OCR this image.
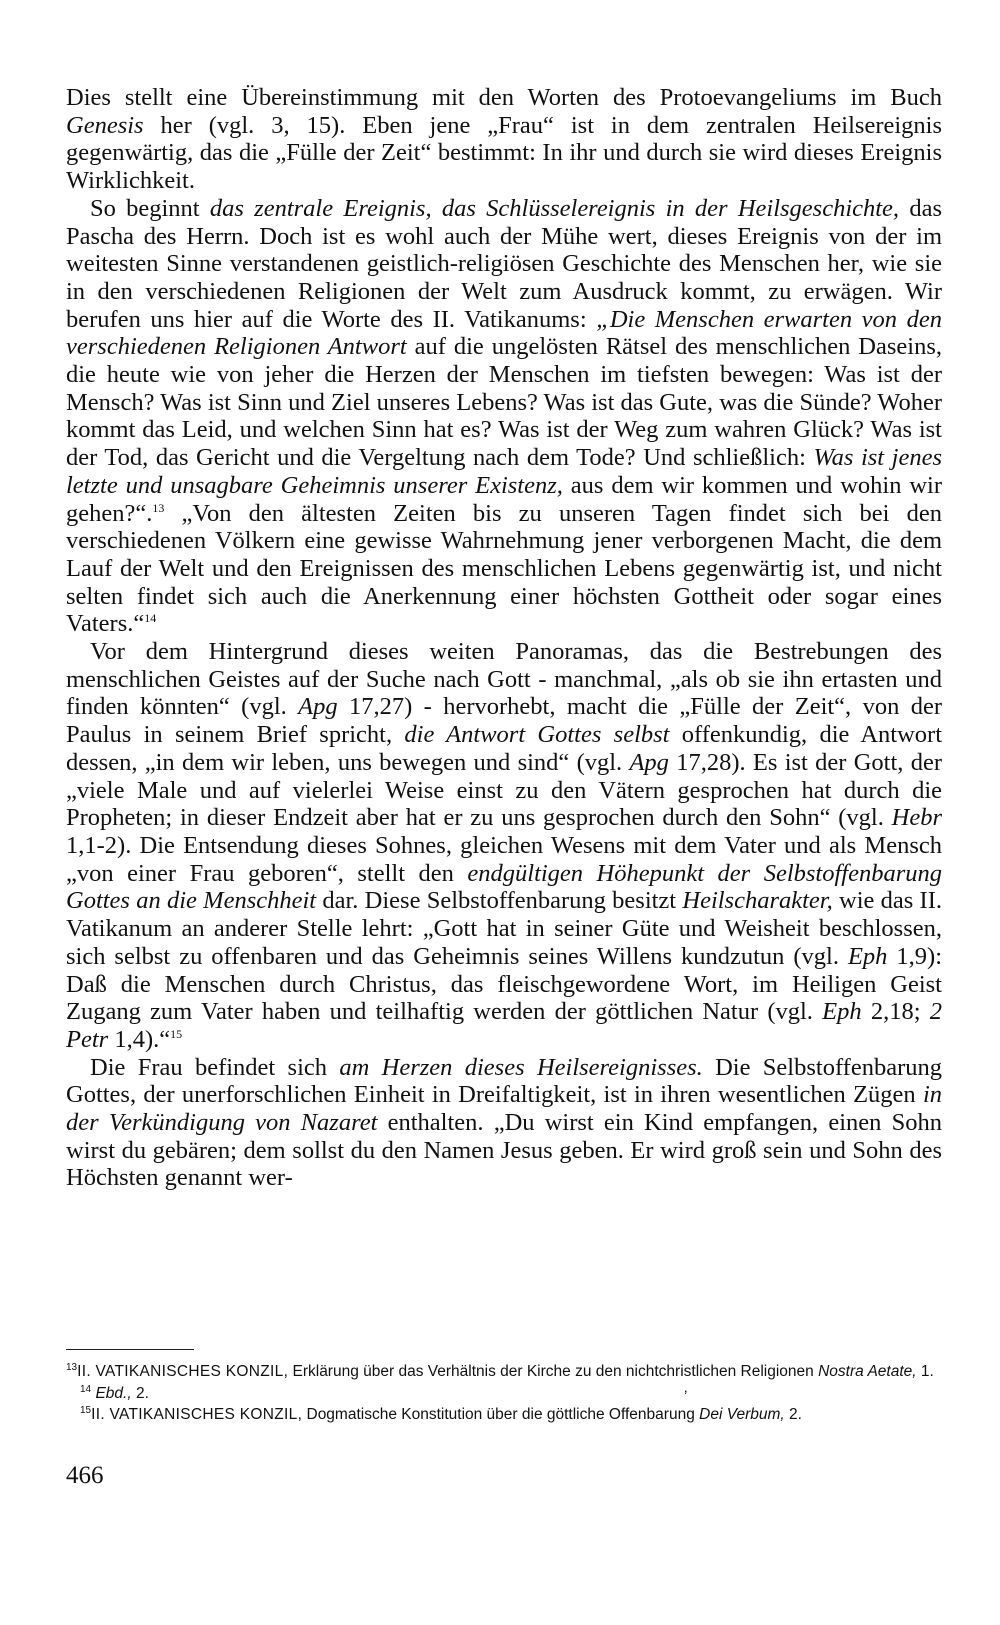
Dies stellt eine Übereinstimmung mit den Worten des Protoevangeliums im Buch Genesis her (vgl. 3, 15). Eben jene „Frau“ ist in dem zentralen Heilsereignis gegenwärtig, das die „Fülle der Zeit“ bestimmt: In ihr und durch sie wird dieses Ereignis Wirklichkeit.

So beginnt das zentrale Ereignis, das Schlüsselereignis in der Heilsgeschichte, das Pascha des Herrn. Doch ist es wohl auch der Mühe wert, dieses Ereignis von der im weitesten Sinne verstandenen geistlich-religiösen Geschichte des Menschen her, wie sie in den verschiedenen Religionen der Welt zum Ausdruck kommt, zu erwägen. Wir berufen uns hier auf die Worte des II. Vatikanums: „Die Menschen erwarten von den verschiedenen Religionen Antwort auf die ungelösten Rätsel des menschlichen Daseins, die heute wie von jeher die Herzen der Menschen im tiefsten bewegen: Was ist der Mensch? Was ist Sinn und Ziel unseres Lebens? Was ist das Gute, was die Sünde? Woher kommt das Leid, und welchen Sinn hat es? Was ist der Weg zum wahren Glück? Was ist der Tod, das Gericht und die Vergeltung nach dem Tode? Und schließlich: Was ist jenes letzte und unsagbare Geheimnis unserer Existenz, aus dem wir kommen und wohin wir gehen?“.$^{13}$ „Von den ältesten Zeiten bis zu unseren Tagen findet sich bei den verschiedenen Völkern eine gewisse Wahrnehmung jener verborgenen Macht, die dem Lauf der Welt und den Ereignissen des menschlichen Lebens gegenwärtig ist, und nicht selten findet sich auch die Anerkennung einer höchsten Gottheit oder sogar eines Vaters.“$^{14}$

Vor dem Hintergrund dieses weiten Panoramas, das die Bestrebungen des menschlichen Geistes auf der Suche nach Gott - manchmal, „als ob sie ihn ertasten und finden könnten“ (vgl. Apg 17,27) - hervorhebt, macht die „Fülle der Zeit“, von der Paulus in seinem Brief spricht, die Antwort Gottes selbst offenkundig, die Antwort dessen, „in dem wir leben, uns bewegen und sind“ (vgl. Apg 17,28). Es ist der Gott, der „viele Male und auf vielerlei Weise einst zu den Vätern gesprochen hat durch die Propheten; in dieser Endzeit aber hat er zu uns gesprochen durch den Sohn“ (vgl. Hebr 1,1-2). Die Entsendung dieses Sohnes, gleichen Wesens mit dem Vater und als Mensch „von einer Frau geboren“, stellt den endgültigen Höhepunkt der Selbstoffenbarung Gottes an die Menschheit dar. Diese Selbstoffenbarung besitzt Heilscharakter, wie das II. Vatikanum an anderer Stelle lehrt: „Gott hat in seiner Güte und Weisheit beschlossen, sich selbst zu offenbaren und das Geheimnis seines Willens kundzutun (vgl. Eph 1,9): Daß die Menschen durch Christus, das fleischgewordene Wort, im Heiligen Geist Zugang zum Vater haben und teilhaftig werden der göttlichen Natur (vgl. Eph 2,18; 2 Petr 1,4).“$^{15}$

Die Frau befindet sich am Herzen dieses Heilsereignisses. Die Selbstoffenbarung Gottes, der unerforschlichen Einheit in Dreifaltigkeit, ist in ihren wesentlichen Zügen in der Verkündigung von Nazaret enthalten. „Du wirst ein Kind empfangen, einen Sohn wirst du gebären; dem sollst du den Namen Jesus geben. Er wird groß sein und Sohn des Höchsten genannt wer-

$^{13}$II. VATIKANISCHES KONZIL, Erklärung über das Verhältnis der Kirche zu den nichtchristlichen Religionen Nostra Aetate, 1.

$^{14}$ Ebd., 2.

$^{15}$II. VATIKANISCHES KONZIL, Dogmatische Konstitution über die göttliche Offenbarung Dei Verbum, 2.

‚
466
